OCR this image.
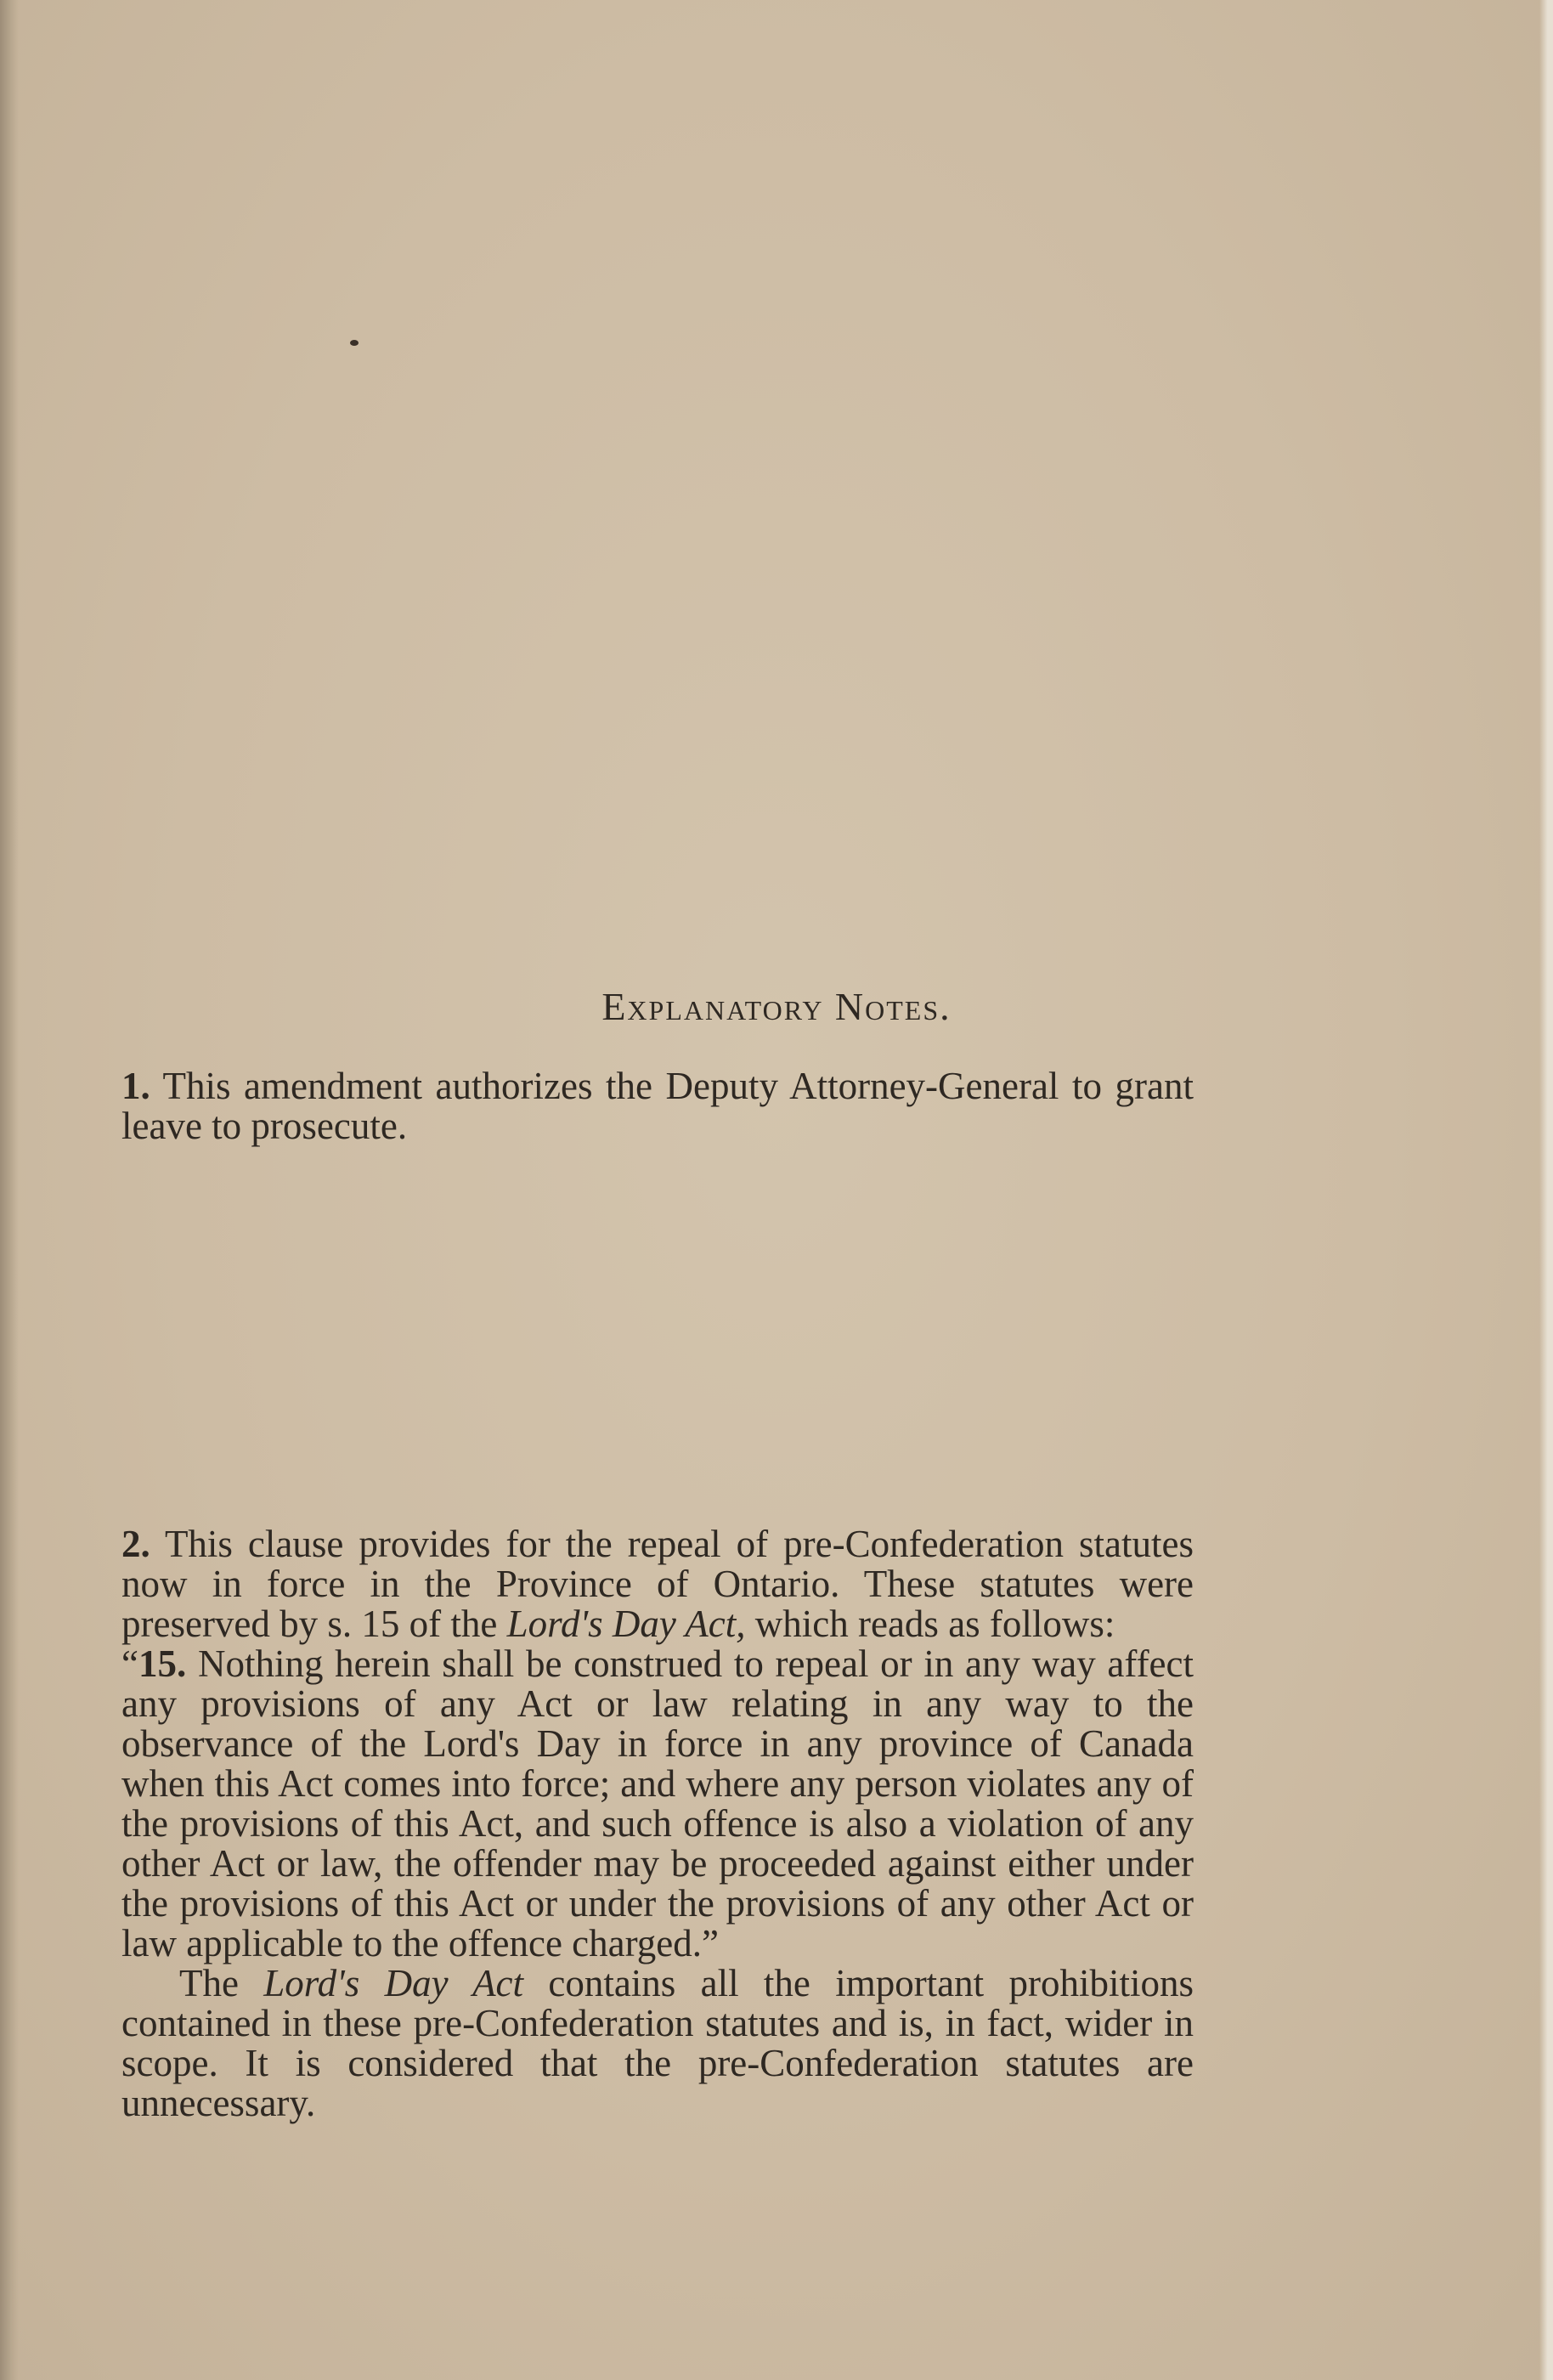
Explanatory Notes.

1. This amendment authorizes the Deputy Attorney-General to grant leave to prosecute.

2. This clause provides for the repeal of pre-Confederation statutes now in force in the Province of Ontario. These statutes were preserved by s. 15 of the Lord's Day Act, which reads as follows:

“15. Nothing herein shall be construed to repeal or in any way affect any provisions of any Act or law relating in any way to the observance of the Lord's Day in force in any province of Canada when this Act comes into force; and where any person violates any of the provisions of this Act, and such offence is also a violation of any other Act or law, the offender may be proceeded against either under the provisions of this Act or under the provisions of any other Act or law applicable to the offence charged.”

The Lord's Day Act contains all the important prohibitions contained in these pre-Confederation statutes and is, in fact, wider in scope. It is considered that the pre-Confederation statutes are unnecessary.
